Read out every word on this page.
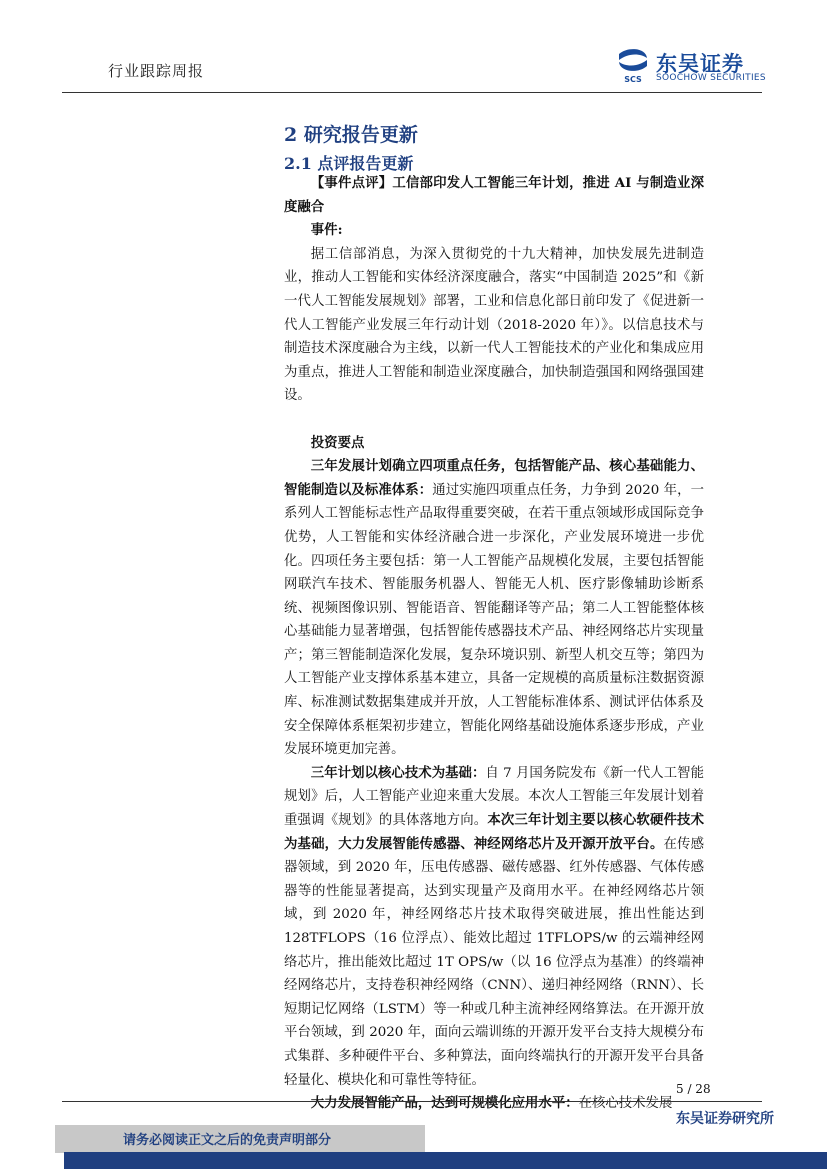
行业跟踪周报	SCS
东吴证券
SOOCHOW SECURITIES
2 研究报告更新
2.1 点评报告更新

【事件点评】工信部印发人工智能三年计划，推进 AI 与制造业深度融合

事件:

据工信部消息，为深入贯彻党的十九大精神，加快发展先进制造业，推动人工智能和实体经济深度融合，落实“中国制造 2025”和《新一代人工智能发展规划》部署，工业和信息化部日前印发了《促进新一代人工智能产业发展三年行动计划（2018-2020 年）》。以信息技术与制造技术深度融合为主线，以新一代人工智能技术的产业化和集成应用为重点，推进人工智能和制造业深度融合，加快制造强国和网络强国建设。

投资要点

三年发展计划确立四项重点任务，包括智能产品、核心基础能力、智能制造以及标准体系：通过实施四项重点任务，力争到 2020 年，一系列人工智能标志性产品取得重要突破，在若干重点领域形成国际竞争优势，人工智能和实体经济融合进一步深化，产业发展环境进一步优化。四项任务主要包括：第一人工智能产品规模化发展，主要包括智能网联汽车技术、智能服务机器人、智能无人机、医疗影像辅助诊断系统、视频图像识别、智能语音、智能翻译等产品；第二人工智能整体核心基础能力显著增强，包括智能传感器技术产品、神经网络芯片实现量产；第三智能制造深化发展，复杂环境识别、新型人机交互等；第四为人工智能产业支撑体系基本建立，具备一定规模的高质量标注数据资源库、标准测试数据集建成并开放，人工智能标准体系、测试评估体系及安全保障体系框架初步建立，智能化网络基础设施体系逐步形成，产业发展环境更加完善。

三年计划以核心技术为基础：自 7 月国务院发布《新一代人工智能规划》后，人工智能产业迎来重大发展。本次人工智能三年发展计划着重强调《规划》的具体落地方向。本次三年计划主要以核心软硬件技术为基础，大力发展智能传感器、神经网络芯片及开源开放平台。在传感器领域，到 2020 年，压电传感器、磁传感器、红外传感器、气体传感器等的性能显著提高，达到实现量产及商用水平。在神经网络芯片领域，到 2020 年，神经网络芯片技术取得突破进展，推出性能达到 128TFLOPS（16 位浮点）、能效比超过 1TFLOPS/w 的云端神经网络芯片，推出能效比超过 1T OPS/w（以 16 位浮点为基准）的终端神经网络芯片，支持卷积神经网络（CNN）、递归神经网络（RNN）、长短期记忆网络（LSTM）等一种或几种主流神经网络算法。在开源开放平台领域，到 2020 年，面向云端训练的开源开发平台支持大规模分布式集群、多种硬件平台、多种算法，面向终端执行的开源开发平台具备轻量化、模块化和可靠性等特征。

大力发展智能产品，达到可规模化应用水平：在核心技术发展

5 / 28
东吴证券研究所
请务必阅读正文之后的免责声明部分
